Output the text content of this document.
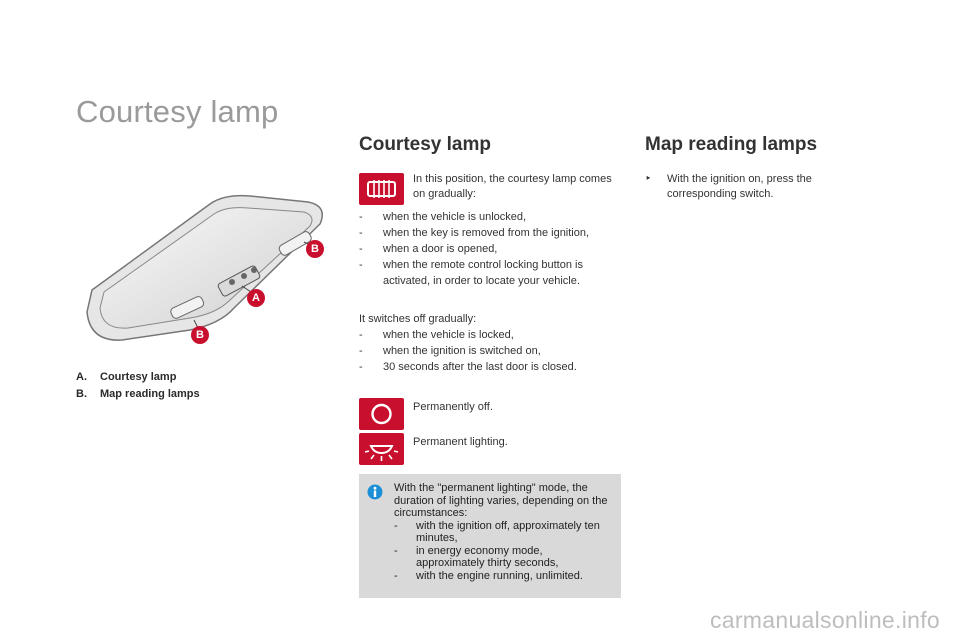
Courtesy lamp
B
A
B
A.	Courtesy lamp
B.	Map reading lamps
Courtesy lamp
In this position, the courtesy lamp comes on gradually:
-	when the vehicle is unlocked,
-	when the key is removed from the ignition,
-	when a door is opened,
-	when the remote control locking button is activated, in order to locate your vehicle.
It switches off gradually:
-	when the vehicle is locked,
-	when the ignition is switched on,
-	30 seconds after the last door is closed.
Permanently off.
Permanent lighting.
With the "permanent lighting" mode, the duration of lighting varies, depending on the circumstances:
-	with the ignition off, approximately ten minutes,
-	in energy economy mode, approximately thirty seconds,
-	with the engine running, unlimited.
Map reading lamps
‣	With the ignition on, press the corresponding switch.
carmanualsonline.info
